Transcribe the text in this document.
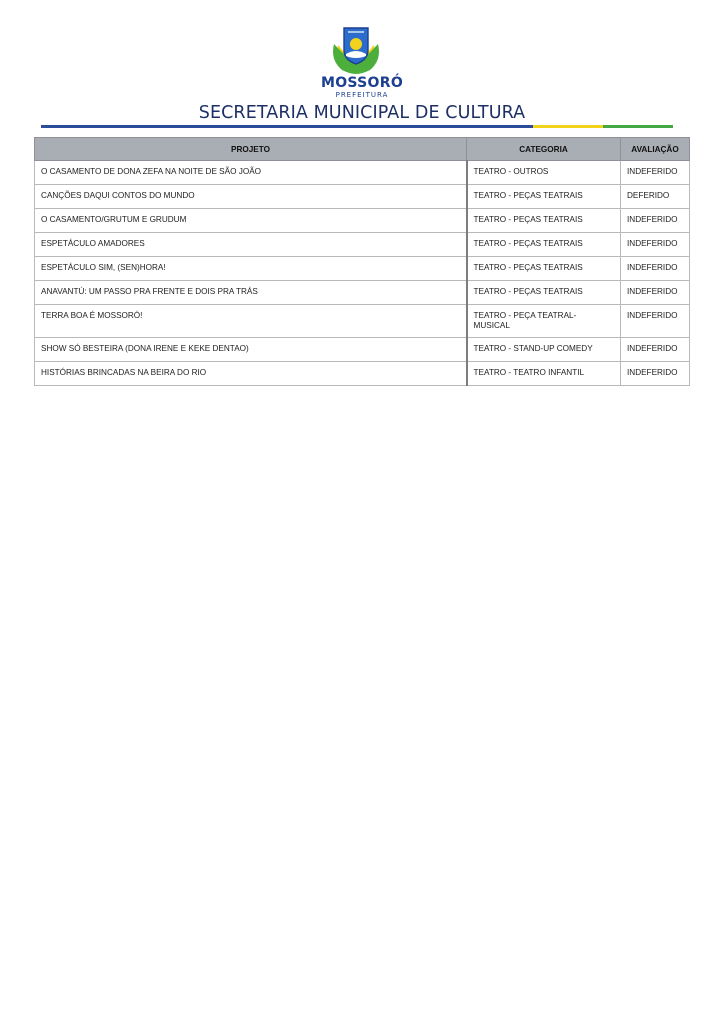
MOSSORÓ
PREFEITURA
SECRETARIA MUNICIPAL DE CULTURA
PROJETO	CATEGORIA	AVALIAÇÃO
O CASAMENTO DE DONA ZEFA NA NOITE DE SÃO JOÃO	TEATRO - OUTROS	INDEFERIDO
CANÇÕES DAQUI CONTOS DO MUNDO	TEATRO - PEÇAS TEATRAIS	DEFERIDO
O CASAMENTO/GRUTUM E GRUDUM	TEATRO - PEÇAS TEATRAIS	INDEFERIDO
ESPETÁCULO AMADORES	TEATRO - PEÇAS TEATRAIS	INDEFERIDO
ESPETÁCULO SIM, (SEN)HORA!	TEATRO - PEÇAS TEATRAIS	INDEFERIDO
ANAVANTÚ: UM PASSO PRA FRENTE E DOIS PRA TRÁS	TEATRO - PEÇAS TEATRAIS	INDEFERIDO
TERRA BOA É MOSSORÓ!	TEATRO - PEÇA TEATRAL-MUSICAL	INDEFERIDO
SHOW SÓ BESTEIRA (DONA IRENE E KEKE DENTAO)	TEATRO - STAND-UP COMEDY	INDEFERIDO
HISTÓRIAS BRINCADAS NA BEIRA DO RIO	TEATRO - TEATRO INFANTIL	INDEFERIDO
